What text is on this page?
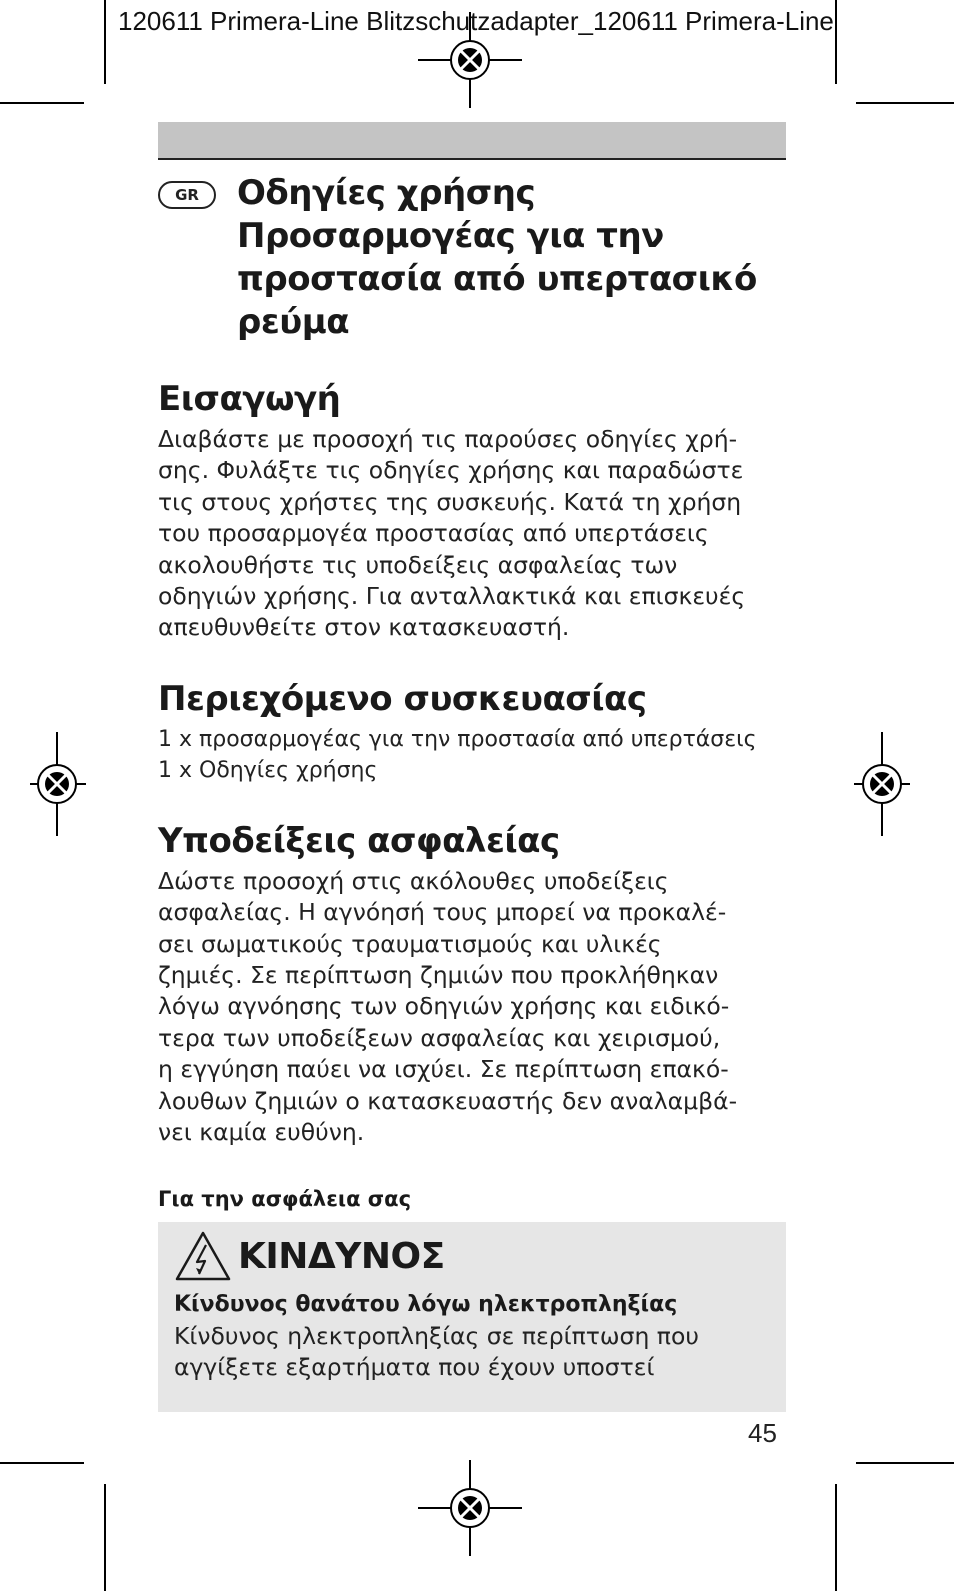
120611 Primera-Line Blitzschutzadapter_120611 Primera-Line
GR	Οδηγίες χρήσης
Προσαρμογέας για την
προστασία από υπερτασικό
ρεύμα
Εισαγωγή

Διαβάστε με προσοχή τις παρούσες οδηγίες χρή-
σης. Φυλάξτε τις οδηγίες χρήσης και παραδώστε
τις στους χρήστες της συσκευής. Κατά τη χρήση
του προσαρμογέα προστασίας από υπερτάσεις
ακολουθήστε τις υποδείξεις ασφαλείας των
οδηγιών χρήσης. Για ανταλλακτικά και επισκευές
απευθυνθείτε στον κατασκευαστή.

Περιεχόμενο συσκευασίας

1 x προσαρμογέας για την προστασία από υπερτάσεις
1 x Οδηγίες χρήσης

Υποδείξεις ασφαλείας

Δώστε προσοχή στις ακόλουθες υποδείξεις
ασφαλείας. Η αγνόησή τους μπορεί να προκαλέ-
σει σωματικούς τραυματισμούς και υλικές
ζημιές. Σε περίπτωση ζημιών που προκλήθηκαν
λόγω αγνόησης των οδηγιών χρήσης και ειδικό-
τερα των υποδείξεων ασφαλείας και χειρισμού,
η εγγύηση παύει να ισχύει. Σε περίπτωση επακό-
λουθων ζημιών ο κατασκευαστής δεν αναλαμβά-
νει καμία ευθύνη.

Για την ασφάλεια σας
ΚΙΝΔΥΝΟΣ
Κίνδυνος θανάτου λόγω ηλεκτροπληξίας
Κίνδυνος ηλεκτροπληξίας σε περίπτωση που
αγγίξετε εξαρτήματα που έχουν υποστεί
45
